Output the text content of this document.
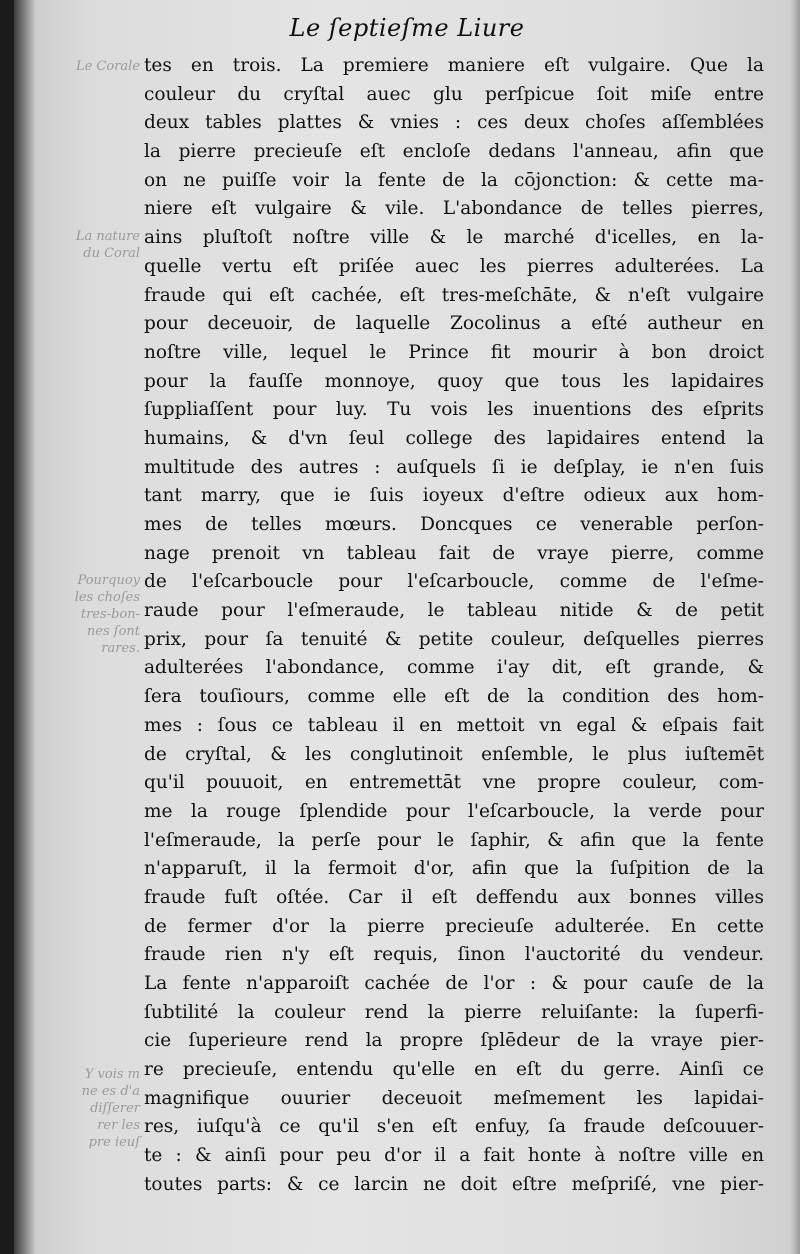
Le ſeptieſme Liure
tes en trois. La premiere maniere eſt vulgaire. Que la
couleur du cryſtal auec glu perſpicue ſoit miſe entre
deux tables plattes & vnies : ces deux choſes aſſemblées
la pierre precieuſe eſt encloſe dedans l'anneau, afin que
on ne puiſſe voir la fente de la cōjonction: & cette ma-
niere eſt vulgaire & vile. L'abondance de telles pierres,
ains pluſtoſt noſtre ville & le marché d'icelles, en la-
quelle vertu eſt priſée auec les pierres adulterées. La
fraude qui eſt cachée, eſt tres-meſchāte, & n'eſt vulgaire
pour deceuoir, de laquelle Zocolinus a eſté autheur en
noſtre ville, lequel le Prince fit mourir à bon droict
pour la fauſſe monnoye, quoy que tous les lapidaires
ſuppliaſſent pour luy. Tu vois les inuentions des eſprits
humains, & d'vn ſeul college des lapidaires entend la
multitude des autres : auſquels ſi ie deſplay, ie n'en ſuis
tant marry, que ie ſuis ioyeux d'eſtre odieux aux hom-
mes de telles mœurs. Doncques ce venerable perſon-
nage prenoit vn tableau fait de vraye pierre, comme
de l'eſcarboucle pour l'eſcarboucle, comme de l'eſme-
raude pour l'eſmeraude, le tableau nitide & de petit
prix, pour ſa tenuité & petite couleur, deſquelles pierres
adulterées l'abondance, comme i'ay dit, eſt grande, &
ſera touſiours, comme elle eſt de la condition des hom-
mes : ſous ce tableau il en mettoit vn egal & eſpais fait
de cryſtal, & les conglutinoit enſemble, le plus iuſtemēt
qu'il pouuoit, en entremettāt vne propre couleur, com-
me la rouge ſplendide pour l'eſcarboucle, la verde pour
l'eſmeraude, la perſe pour le ſaphir, & afin que la fente
n'apparuſt, il la fermoit d'or, afin que la ſuſpition de la
fraude fuſt oſtée. Car il eſt deffendu aux bonnes villes
de fermer d'or la pierre precieuſe adulterée. En cette
fraude rien n'y eſt requis, ſinon l'auctorité du vendeur.
La fente n'apparoiſt cachée de l'or : & pour cauſe de la
ſubtilité la couleur rend la pierre reluiſante: la ſuperfi-
cie ſuperieure rend la propre ſplēdeur de la vraye pier-
re precieuſe, entendu qu'elle en eſt du gerre. Ainſi ce
magnifique ouurier deceuoit meſmement les lapidai-
res, iuſqu'à ce qu'il s'en eſt enfuy, ſa fraude deſcouuer-
te : & ainſi pour peu d'or il a fait honte à noſtre ville en
toutes parts: & ce larcin ne doit eſtre meſpriſé, vne pier-
Le Corale
La nature
du Coral
Pourquoy
les choſes
tres-bon-
nes ſont
rares.
Y vois m
ne es d'a
diſſerer
rer les
pre ieuſ
